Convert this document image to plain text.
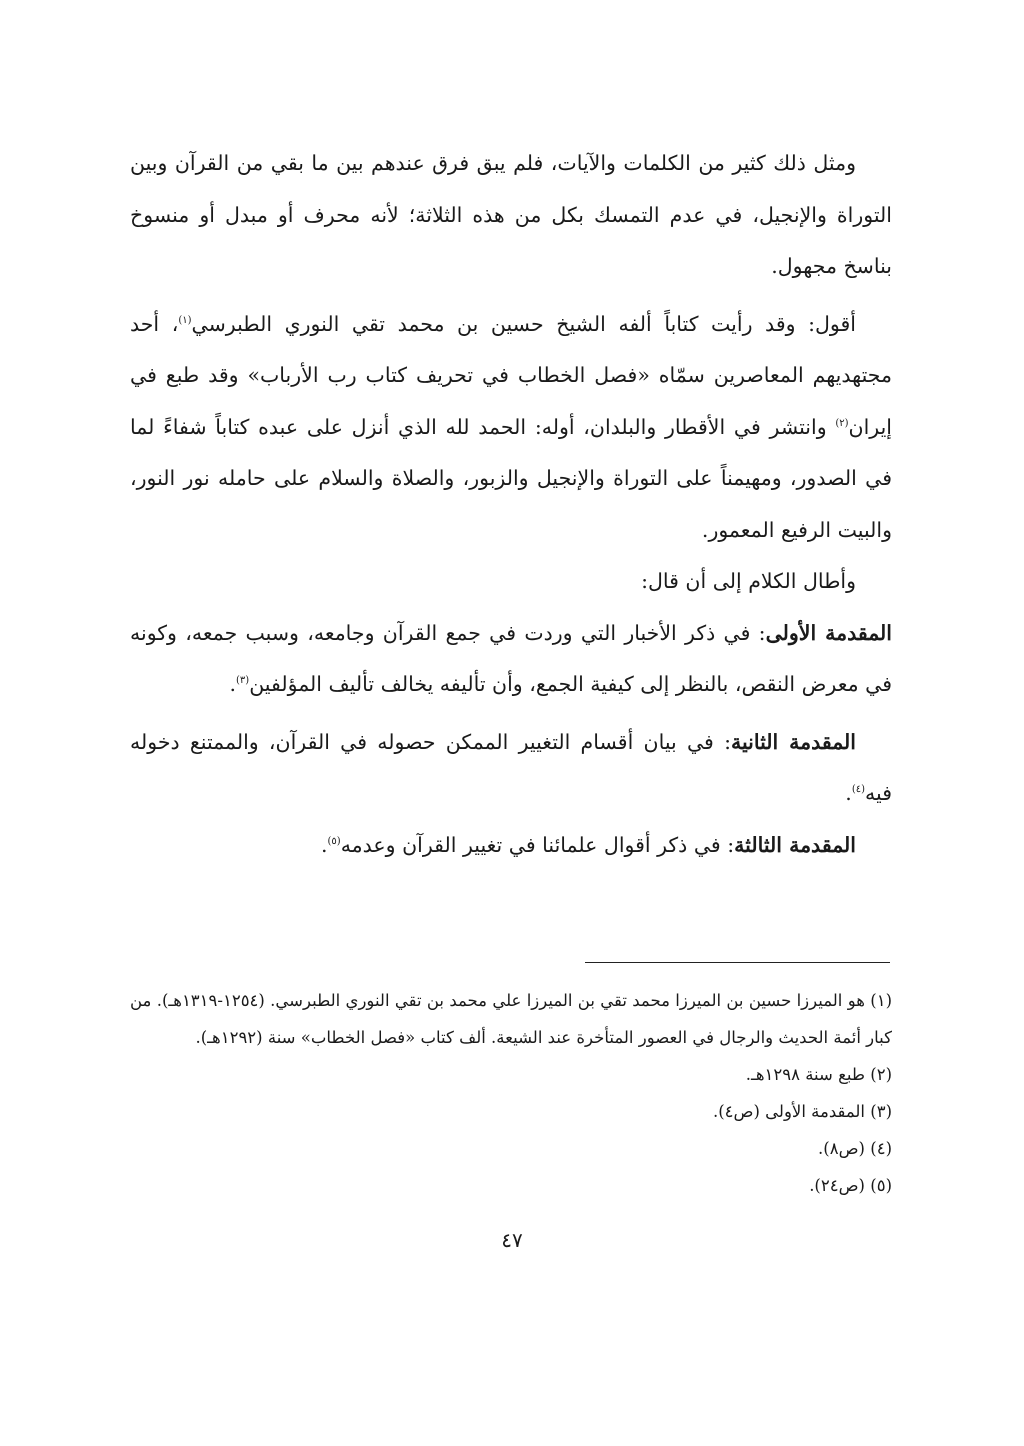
ومثل ذلك كثير من الكلمات والآيات، فلم يبق فرق عندهم بين ما بقي من القرآن وبين التوراة والإنجيل، في عدم التمسك بكل من هذه الثلاثة؛ لأنه محرف أو مبدل أو منسوخ بناسخ مجهول.

أقول: وقد رأيت كتاباً ألفه الشيخ حسين بن محمد تقي النوري الطبرسي$^{(١)}$، أحد مجتهديهم المعاصرين سمّاه «فصل الخطاب في تحريف كتاب رب الأرباب» وقد طبع في إيران$^{(٢)}$ وانتشر في الأقطار والبلدان، أوله: الحمد لله الذي أنزل على عبده كتاباً شفاءً لما في الصدور، ومهيمناً على التوراة والإنجيل والزبور، والصلاة والسلام على حامله نور النور، والبيت الرفيع المعمور.

وأطال الكلام إلى أن قال:

المقدمة الأولى: في ذكر الأخبار التي وردت في جمع القرآن وجامعه، وسبب جمعه، وكونه في معرض النقص، بالنظر إلى كيفية الجمع، وأن تأليفه يخالف تأليف المؤلفين$^{(٣)}$.

المقدمة الثانية: في بيان أقسام التغيير الممكن حصوله في القرآن، والممتنع دخوله فيه$^{(٤)}$.

المقدمة الثالثة: في ذكر أقوال علمائنا في تغيير القرآن وعدمه$^{(٥)}$.

(١) هو الميرزا حسين بن الميرزا محمد تقي بن الميرزا علي محمد بن تقي النوري الطبرسي. (١٢٥٤-١٣١٩هـ). من كبار أئمة الحديث والرجال في العصور المتأخرة عند الشيعة. ألف كتاب «فصل الخطاب» سنة (١٢٩٢هـ).

(٢) طبع سنة ١٢٩٨هـ.

(٣) المقدمة الأولى (ص٤).

(٤) (ص٨).

(٥) (ص٢٤).

٤٧
